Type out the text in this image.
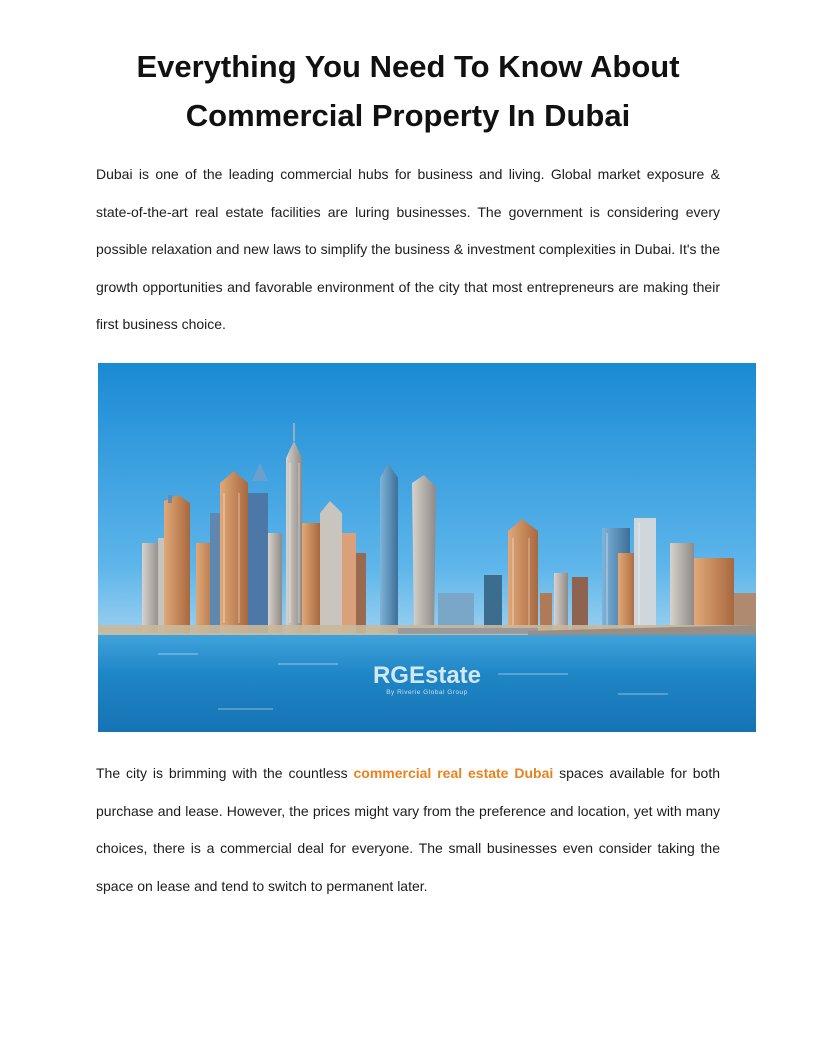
Everything You Need To Know About
Commercial Property In Dubai

Dubai is one of the leading commercial hubs for business and living. Global market exposure & state-of-the-art real estate facilities are luring businesses. The government is considering every possible relaxation and new laws to simplify the business & investment complexities in Dubai. It's the growth opportunities and favorable environment of the city that most entrepreneurs are making their first business choice.

RGEstate
By Riverie Global Group

The city is brimming with the countless commercial real estate Dubai spaces available for both purchase and lease. However, the prices might vary from the preference and location, yet with many choices, there is a commercial deal for everyone. The small businesses even consider taking the space on lease and tend to switch to permanent later.
